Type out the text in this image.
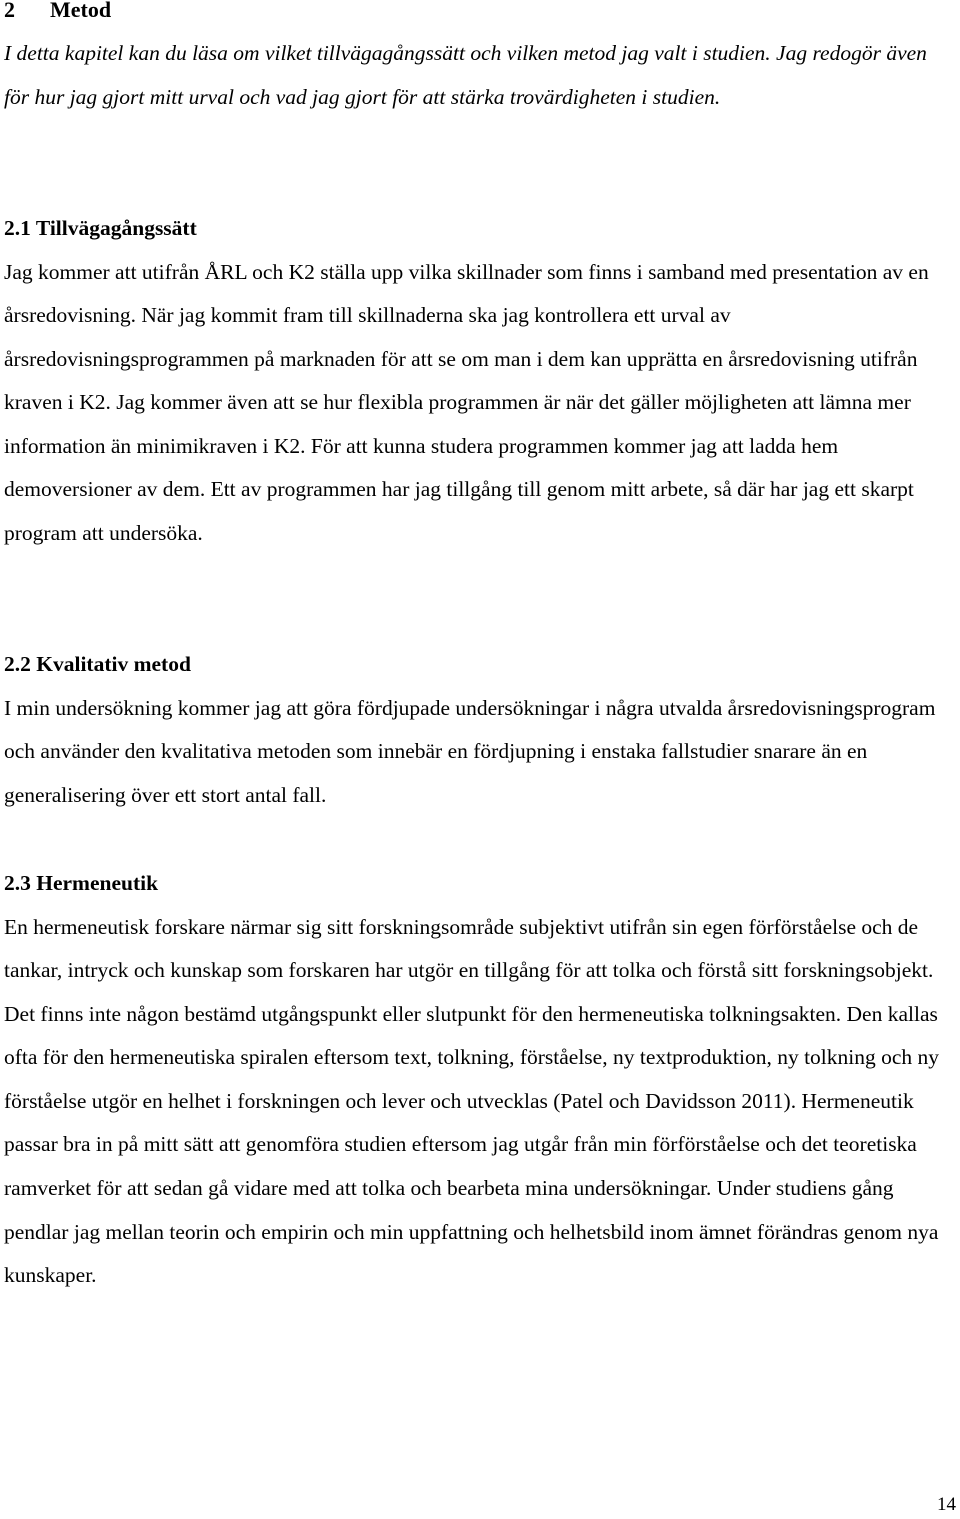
2 Metod

I detta kapitel kan du läsa om vilket tillvägagångssätt och vilken metod jag valt i studien. Jag redogör även för hur jag gjort mitt urval och vad jag gjort för att stärka trovärdigheten i studien.

2.1 Tillvägagångssätt

Jag kommer att utifrån ÅRL och K2 ställa upp vilka skillnader som finns i samband med presentation av en årsredovisning. När jag kommit fram till skillnaderna ska jag kontrollera ett urval av årsredovisningsprogrammen på marknaden för att se om man i dem kan upprätta en årsredovisning utifrån kraven i K2. Jag kommer även att se hur flexibla programmen är när det gäller möjligheten att lämna mer information än minimikraven i K2. För att kunna studera programmen kommer jag att ladda hem demoversioner av dem. Ett av programmen har jag tillgång till genom mitt arbete, så där har jag ett skarpt program att undersöka.

2.2 Kvalitativ metod

I min undersökning kommer jag att göra fördjupade undersökningar i några utvalda årsredovisningsprogram och använder den kvalitativa metoden som innebär en fördjupning i enstaka fallstudier snarare än en generalisering över ett stort antal fall.

2.3 Hermeneutik

En hermeneutisk forskare närmar sig sitt forskningsområde subjektivt utifrån sin egen förförståelse och de tankar, intryck och kunskap som forskaren har utgör en tillgång för att tolka och förstå sitt forskningsobjekt. Det finns inte någon bestämd utgångspunkt eller slutpunkt för den hermeneutiska tolkningsakten. Den kallas ofta för den hermeneutiska spiralen eftersom text, tolkning, förståelse, ny textproduktion, ny tolkning och ny förståelse utgör en helhet i forskningen och lever och utvecklas (Patel och Davidsson 2011). Hermeneutik passar bra in på mitt sätt att genomföra studien eftersom jag utgår från min förförståelse och det teoretiska ramverket för att sedan gå vidare med att tolka och bearbeta mina undersökningar. Under studiens gång pendlar jag mellan teorin och empirin och min uppfattning och helhetsbild inom ämnet förändras genom nya kunskaper.

14
